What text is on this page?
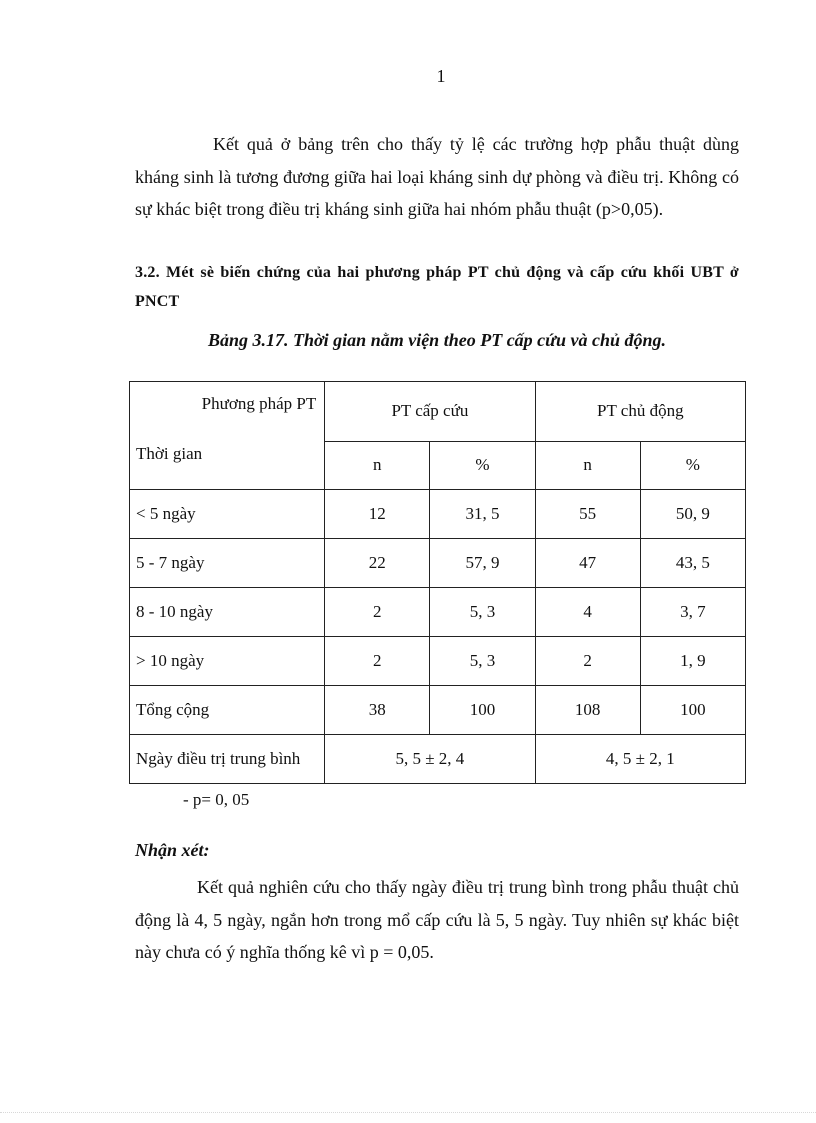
1

Kết quả ở bảng trên cho thấy tỷ lệ các trường hợp phẫu thuật dùng kháng sinh là tương đương giữa hai loại kháng sinh dự phòng và điều trị. Không có sự khác biệt trong điều trị kháng sinh giữa hai nhóm phẫu thuật (p>0,05).

3.2. Mét sè biến chứng của hai phương pháp PT chủ động và cấp cứu khối UBT ở PNCT

Bảng 3.17. Thời gian nằm viện theo PT cấp cứu và chủ động.
Phương pháp PT
Thời gian	PT cấp cứu		PT chủ động	
	n	%	n	%
< 5 ngày	12	31, 5	55	50, 9
5 - 7 ngày	22	57, 9	47	43, 5
8 - 10 ngày	2	5, 3	4	3, 7
> 10 ngày	2	5, 3	2	1, 9
Tổng cộng	38	100	108	100
Ngày điều trị trung bình	5, 5 ± 2, 4		4, 5 ± 2, 1	
- p= 0, 05
Nhận xét:

Kết quả nghiên cứu cho thấy ngày điều trị trung bình trong phẫu thuật chủ động là 4, 5 ngày, ngắn hơn trong mổ cấp cứu là 5, 5 ngày. Tuy nhiên sự khác biệt này chưa có ý nghĩa thống kê vì p = 0,05.
